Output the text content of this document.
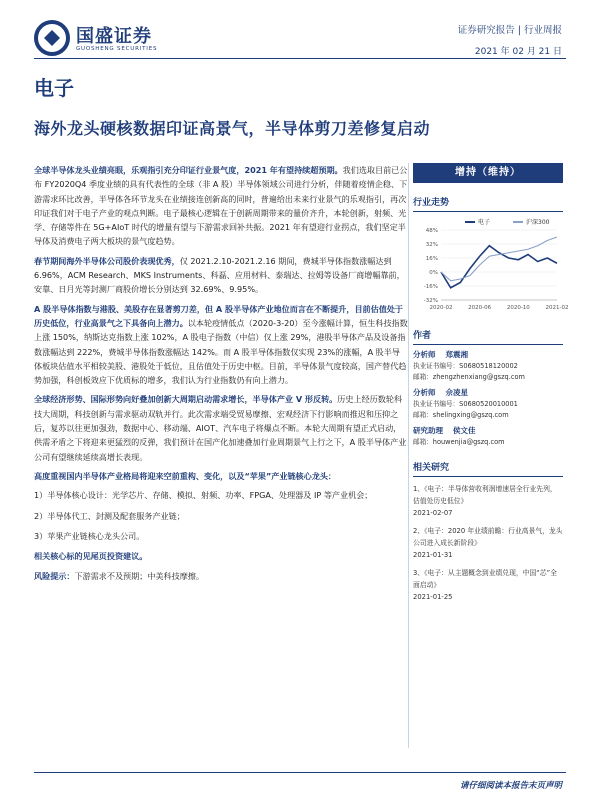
国盛证券
GUOSHENG SECURITIES
证券研究报告 | 行业周报
2021 年 02 月 21 日
电子
海外龙头硬核数据印证高景气，半导体剪刀差修复启动

全球半导体龙头业绩亮眼，乐观指引充分印证行业景气度，2021 年有望持续超预期。我们选取目前已公布 FY2020Q4 季度业绩的具有代表性的全球（非 A 股）半导体领域公司进行分析，伴随着疫情企稳、下游需求环比改善，半导体各环节龙头在业绩接连创新高的同时，普遍给出未来行业景气的乐观指引，再次印证我们对于电子产业的观点判断。电子最核心逻辑在于创新周期带来的量价齐升，本轮创新，射频、光学、存储等件在 5G+AIoT 时代的增量有望与下游需求回补共振。2021 年有望迎行业拐点，我们坚定半导体及消费电子两大板块的景气度趋势。

春节期间海外半导体公司股价表现优秀，仅 2021.2.10-2021.2.16 期间，费城半导体指数涨幅达到 6.96%，ACM Research、MKS Instruments、科磊、应用材料、泰瑞达、拉姆等设备厂商增幅靠前，安靠、日月光等封测厂商股价增长分别达到 32.69%、9.95%。

A 股半导体指数与港股、美股存在显著剪刀差，但 A 股半导体产业地位而言在不断提升，目前估值处于历史低位，行业高景气之下具备向上潜力。以本轮疫情低点（2020-3-20）至今涨幅计算，恒生科技指数上涨 150%，纳斯达克指数上涨 102%，A 股电子指数（中信）仅上涨 29%，港股半导体产品及设备指数涨幅达到 222%，费城半导体指数涨幅达 142%。而 A 股半导体指数仅实现 23%的涨幅，A 股半导体板块估值水平相较美股、港股处于低位，且估值处于历史中枢。目前，半导体景气度较高，国产替代趋势加强，科创板效应下优质标的增多，我们认为行业指数仍有向上潜力。

全球经济形势、国际形势向好叠加创新大周期启动需求增长，半导体产业 V 形反转。历史上经历数轮科技大周期，科技创新与需求驱动双轨并行。此次需求端受贸易摩擦、宏观经济下行影响而推迟和压抑之后，复苏以往更加强劲，数据中心、移动端、AIOT、汽车电子将爆点不断。本轮大周期有望正式启动，供需矛盾之下将迎来更猛烈的反弹，我们预计在国产化加速叠加行业周期景气上行之下，A 股半导体产业公司有望继续延续高增长表现。

高度重视国内半导体产业格局将迎来空前重构、变化，以及“苹果”产业链核心龙头：

1）半导体核心设计：光学芯片、存储、模拟、射频、功率、FPGA、处理器及 IP 等产业机会；
2）半导体代工、封测及配套服务产业链；
3）苹果产业链核心龙头公司。
相关核心标的见尾页投资建议。
风险提示：下游需求不及预期；中美科技摩擦。
增持（维持）
行业走势
48%
32%
16%
0%
-16%
-32%
2020-02	2020-06	2020-10	2021-02
电子	沪深300
作者
分析师 郑震湘
执业证书编号：S0680518120002
邮箱：zhengzhenxiang@gszq.com
分析师 佘凌星
执业证书编号：S0680520010001
邮箱：shelingxing@gszq.com
研究助理 侯文佳
邮箱：houwenjia@gszq.com
相关研究
1、《电子：半导体营收利润增速居全行业先列，估值处历史低位》
2021-02-07
2、《电子：2020 年业绩前瞻：行业高景气，龙头公司进入成长新阶段》
2021-01-31
3、《电子：从主题概念到业绩兑现，中国“芯”全面启动》
2021-01-25
请仔细阅读本报告末页声明
